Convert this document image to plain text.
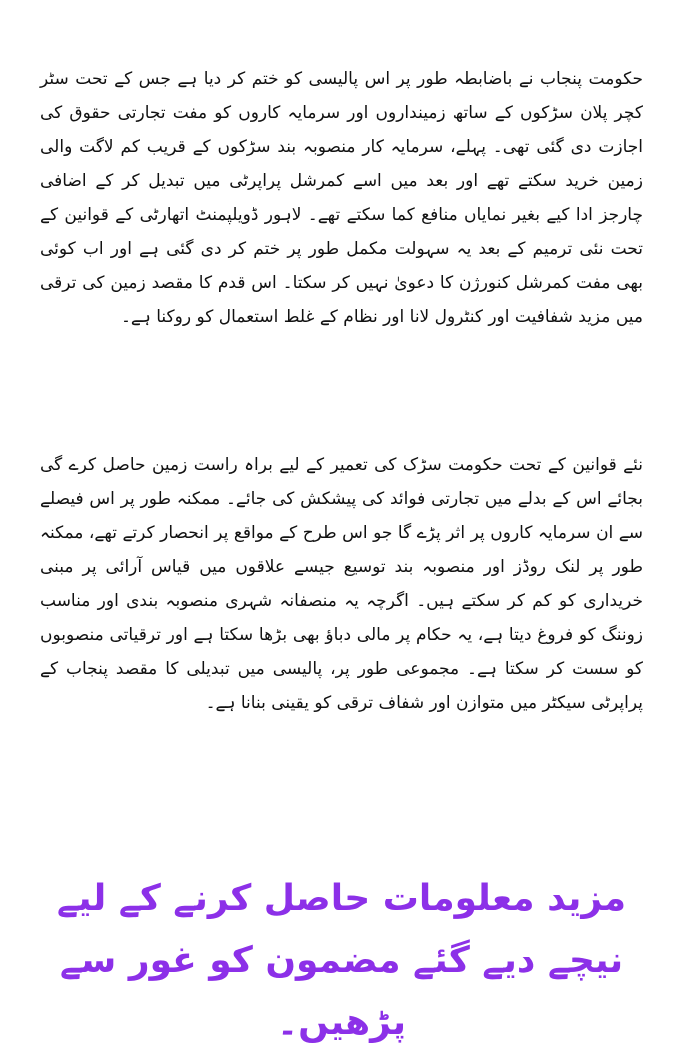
حکومت پنجاب نے باضابطہ طور پر اس پالیسی کو ختم کر دیا ہے جس کے تحت سٹر کچر پلان سڑکوں کے ساتھ زمینداروں اور سرمایہ کاروں کو مفت تجارتی حقوق کی اجازت دی گئی تھی۔ پہلے، سرمایہ کار منصوبہ بند سڑکوں کے قریب کم لاگت والی زمین خرید سکتے تھے اور بعد میں اسے کمرشل پراپرٹی میں تبدیل کر کے اضافی چارجز ادا کیے بغیر نمایاں منافع کما سکتے تھے۔ لاہور ڈویلپمنٹ اتھارٹی کے قوانین کے تحت نئی ترمیم کے بعد یہ سہولت مکمل طور پر ختم کر دی گئی ہے اور اب کوئی بھی مفت کمرشل کنورژن کا دعویٰ نہیں کر سکتا۔ اس قدم کا مقصد زمین کی ترقی میں مزید شفافیت اور کنٹرول لانا اور نظام کے غلط استعمال کو روکنا ہے۔

نئے قوانین کے تحت حکومت سڑک کی تعمیر کے لیے براہ راست زمین حاصل کرے گی بجائے اس کے بدلے میں تجارتی فوائد کی پیشکش کی جائے۔ ممکنہ طور پر اس فیصلے سے ان سرمایہ کاروں پر اثر پڑے گا جو اس طرح کے مواقع پر انحصار کرتے تھے، ممکنہ طور پر لنک روڈز اور منصوبہ بند توسیع جیسے علاقوں میں قیاس آرائی پر مبنی خریداری کو کم کر سکتے ہیں۔ اگرچہ یہ منصفانہ شہری منصوبہ بندی اور مناسب زوننگ کو فروغ دیتا ہے، یہ حکام پر مالی دباؤ بھی بڑھا سکتا ہے اور ترقیاتی منصوبوں کو سست کر سکتا ہے۔ مجموعی طور پر، پالیسی میں تبدیلی کا مقصد پنجاب کے پراپرٹی سیکٹر میں متوازن اور شفاف ترقی کو یقینی بنانا ہے۔

مزید معلومات حاصل کرنے کے لیے نیچے دیے گئے مضمون کو غور سے پڑھیں۔
